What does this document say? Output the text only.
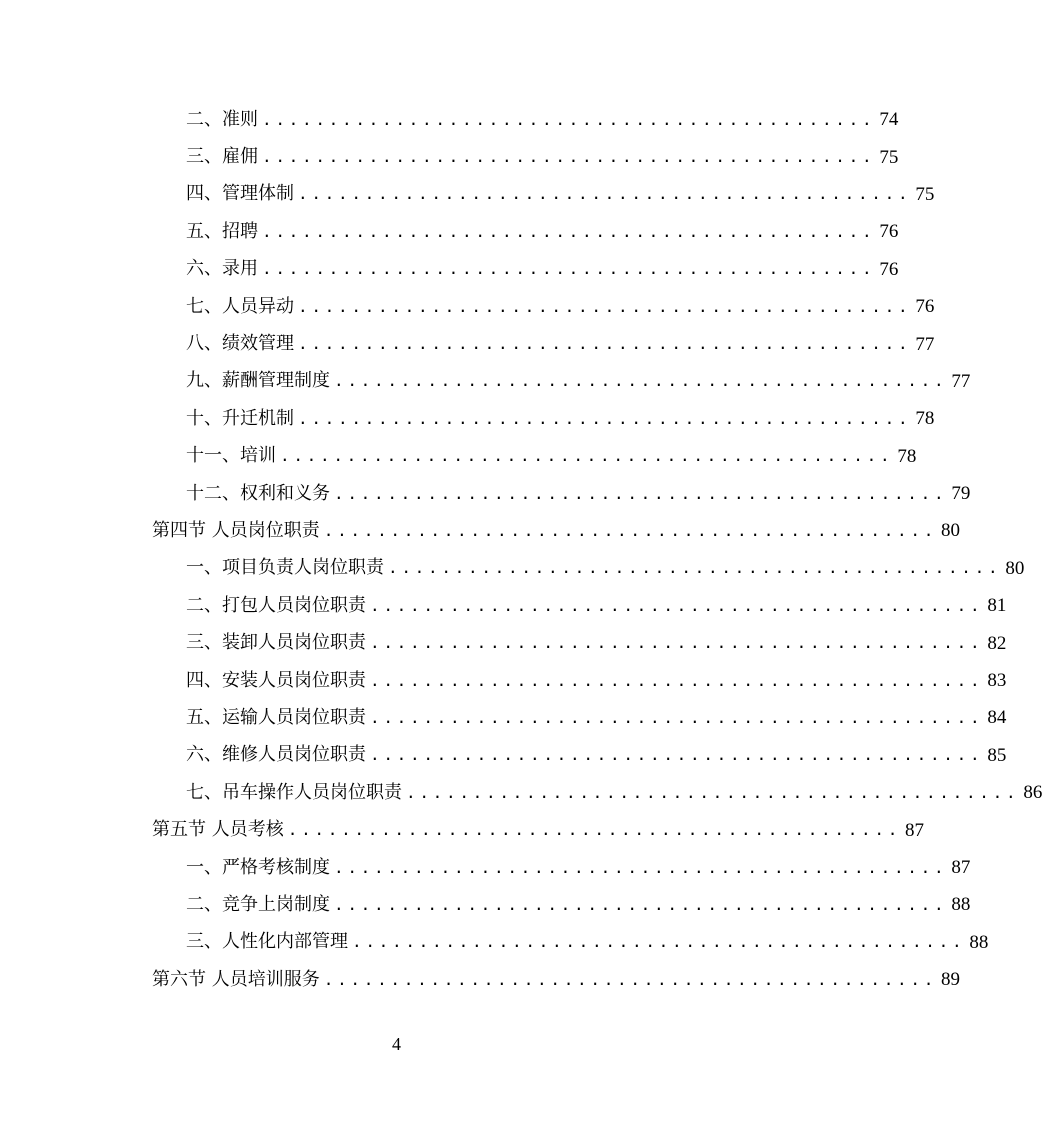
二、准则 .............................................. 74
三、雇佣 .............................................. 75
四、管理体制 .............................................. 75
五、招聘 .............................................. 76
六、录用 .............................................. 76
七、人员异动 .............................................. 76
八、绩效管理 .............................................. 77
九、薪酬管理制度 .............................................. 77
十、升迁机制 .............................................. 78
十一、培训 .............................................. 78
十二、权利和义务 .............................................. 79
第四节 人员岗位职责 .............................................. 80
一、项目负责人岗位职责 .............................................. 80
二、打包人员岗位职责 .............................................. 81
三、装卸人员岗位职责 .............................................. 82
四、安装人员岗位职责 .............................................. 83
五、运输人员岗位职责 .............................................. 84
六、维修人员岗位职责 .............................................. 85
七、吊车操作人员岗位职责 .............................................. 86
第五节 人员考核 .............................................. 87
一、严格考核制度 .............................................. 87
二、竞争上岗制度 .............................................. 88
三、人性化内部管理 .............................................. 88
第六节 人员培训服务 .............................................. 89
4
